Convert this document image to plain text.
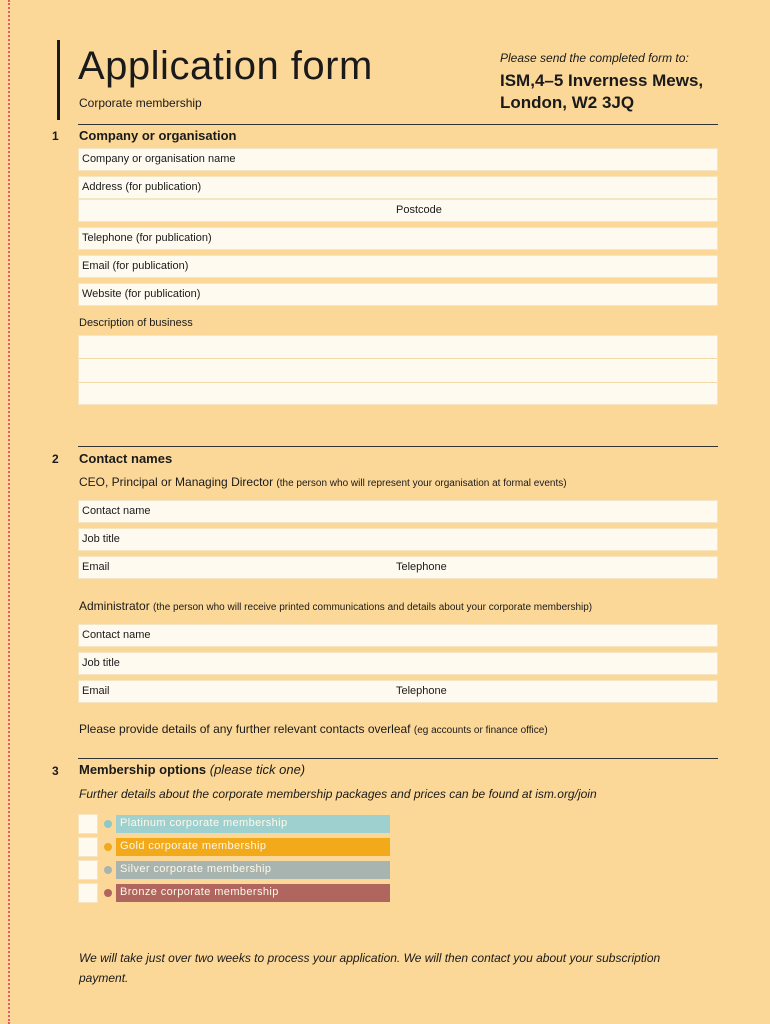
Application form
Corporate membership
Please send the completed form to:
ISM,4–5 Inverness Mews,
London, W2 3JQ
1 Company or organisation
Company or organisation name
Address (for publication)
Postcode
Telephone (for publication)
Email (for publication)
Website (for publication)
Description of business
2 Contact names
CEO, Principal or Managing Director (the person who will represent your organisation at formal events)
Contact name
Job title
Email	Telephone
Administrator (the person who will receive printed communications and details about your corporate membership)
Contact name
Job title
Email	Telephone
Please provide details of any further relevant contacts overleaf (eg accounts or finance office)
3 Membership options (please tick one)
Further details about the corporate membership packages and prices can be found at ism.org/join
Platinum corporate membership
Gold corporate membership
Silver corporate membership
Bronze corporate membership
We will take just over two weeks to process your application. We will then contact you about your subscription payment.
